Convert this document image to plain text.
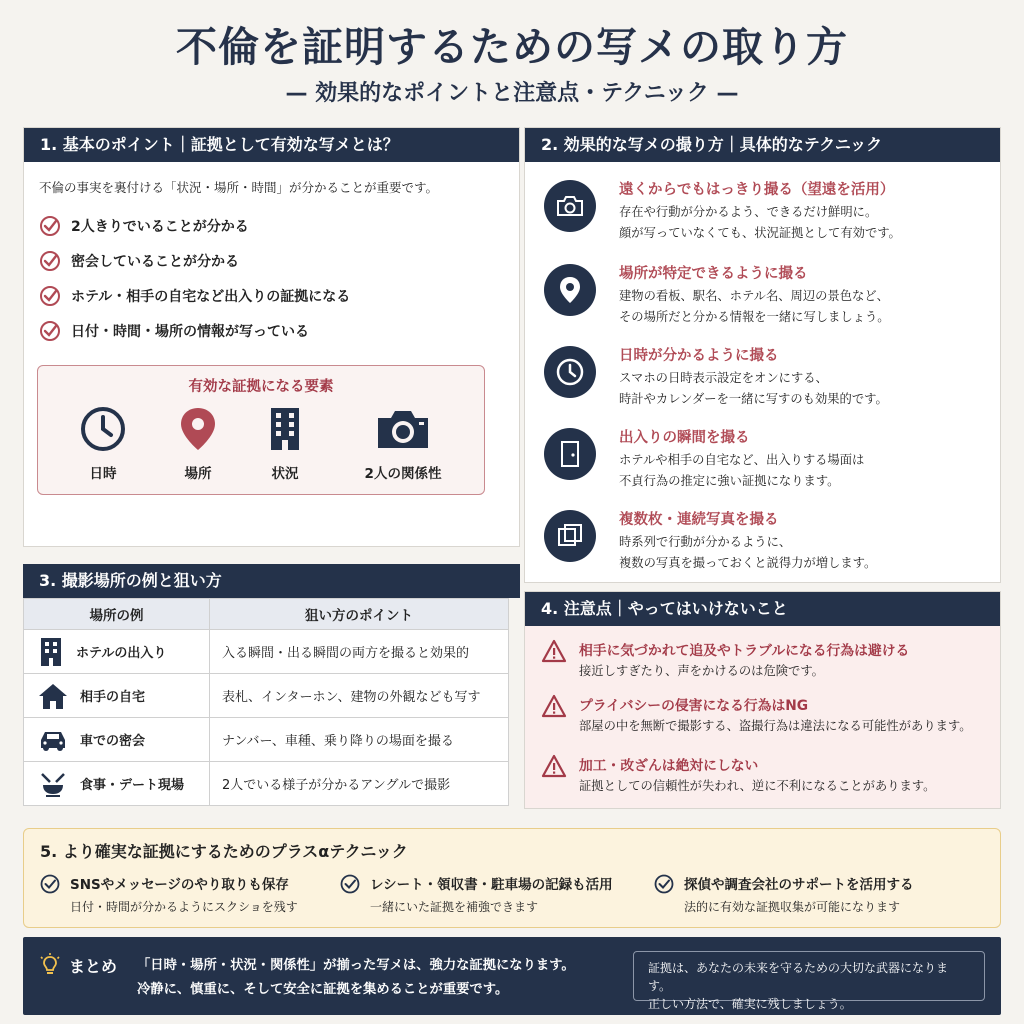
不倫を証明するための写メの取り方
— 効果的なポイントと注意点・テクニック —
1. 基本のポイント｜証拠として有効な写メとは？
不倫の事実を裏付ける「状況・場所・時間」が分かることが重要です。
2人きりでいることが分かる
密会していることが分かる
ホテル・相手の自宅など出入りの証拠になる
日付・時間・場所の情報が写っている
有効な証拠になる要素
日時	場所	状況	2人の関係性
2. 効果的な写メの撮り方｜具体的なテクニック
遠くからでもはっきり撮る（望遠を活用）
存在や行動が分かるよう、できるだけ鮮明に。
顔が写っていなくても、状況証拠として有効です。
場所が特定できるように撮る
建物の看板、駅名、ホテル名、周辺の景色など、
その場所だと分かる情報を一緒に写しましょう。
日時が分かるように撮る
スマホの日時表示設定をオンにする、
時計やカレンダーを一緒に写すのも効果的です。
出入りの瞬間を撮る
ホテルや相手の自宅など、出入りする場面は
不貞行為の推定に強い証拠になります。
複数枚・連続写真を撮る
時系列で行動が分かるように、
複数の写真を撮っておくと説得力が増します。
3. 撮影場所の例と狙い方
場所の例	狙い方のポイント

ホテルの出入り	入る瞬間・出る瞬間の両方を撮ると効果的

相手の自宅	表札、インターホン、建物の外観なども写す

車での密会	ナンバー、車種、乗り降りの場面を撮る

食事・デート現場	2人でいる様子が分かるアングルで撮影
4. 注意点｜やってはいけないこと
相手に気づかれて追及やトラブルになる行為は避ける
接近しすぎたり、声をかけるのは危険です。
プライバシーの侵害になる行為はNG
部屋の中を無断で撮影する、盗撮行為は違法になる可能性があります。
加工・改ざんは絶対にしない
証拠としての信頼性が失われ、逆に不利になることがあります。
5. より確実な証拠にするためのプラスαテクニック
SNSやメッセージのやり取りも保存
日付・時間が分かるようにスクショを残す
レシート・領収書・駐車場の記録も活用
一緒にいた証拠を補強できます
探偵や調査会社のサポートを活用する
法的に有効な証拠収集が可能になります
まとめ 「日時・場所・状況・関係性」が揃った写メは、強力な証拠になります。
冷静に、慎重に、そして安全に証拠を集めることが重要です。
証拠は、あなたの未来を守るための大切な武器になります。
正しい方法で、確実に残しましょう。
